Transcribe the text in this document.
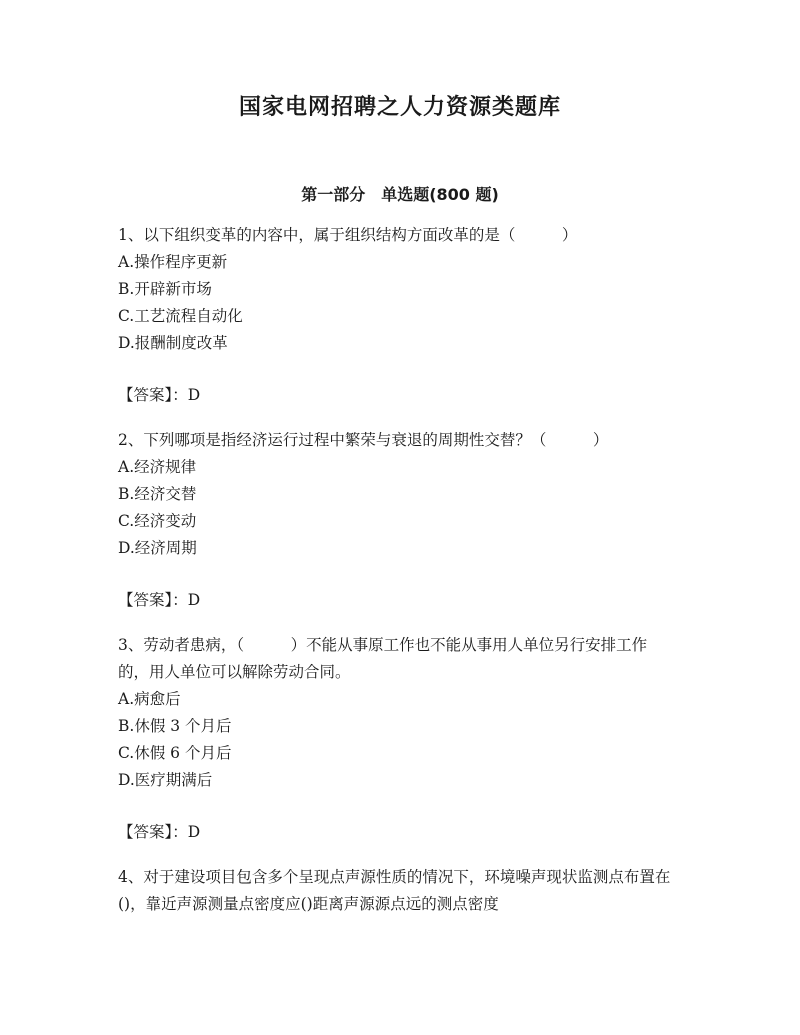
国家电网招聘之人力资源类题库
第一部分　单选题(800 题)

1、以下组织变革的内容中，属于组织结构方面改革的是（　　　）

A.操作程序更新

B.开辟新市场

C.工艺流程自动化

D.报酬制度改革

【答案】：D

2、下列哪项是指经济运行过程中繁荣与衰退的周期性交替？（　　　）

A.经济规律

B.经济交替

C.经济变动

D.经济周期

【答案】：D

3、劳动者患病，（　　　）不能从事原工作也不能从事用人单位另行安排工作的，用人单位可以解除劳动合同。

A.病愈后

B.休假 3 个月后

C.休假 6 个月后

D.医疗期满后

【答案】：D

4、对于建设项目包含多个呈现点声源性质的情况下，环境噪声现状监测点布置在()，靠近声源测量点密度应()距离声源源点远的测点密度
